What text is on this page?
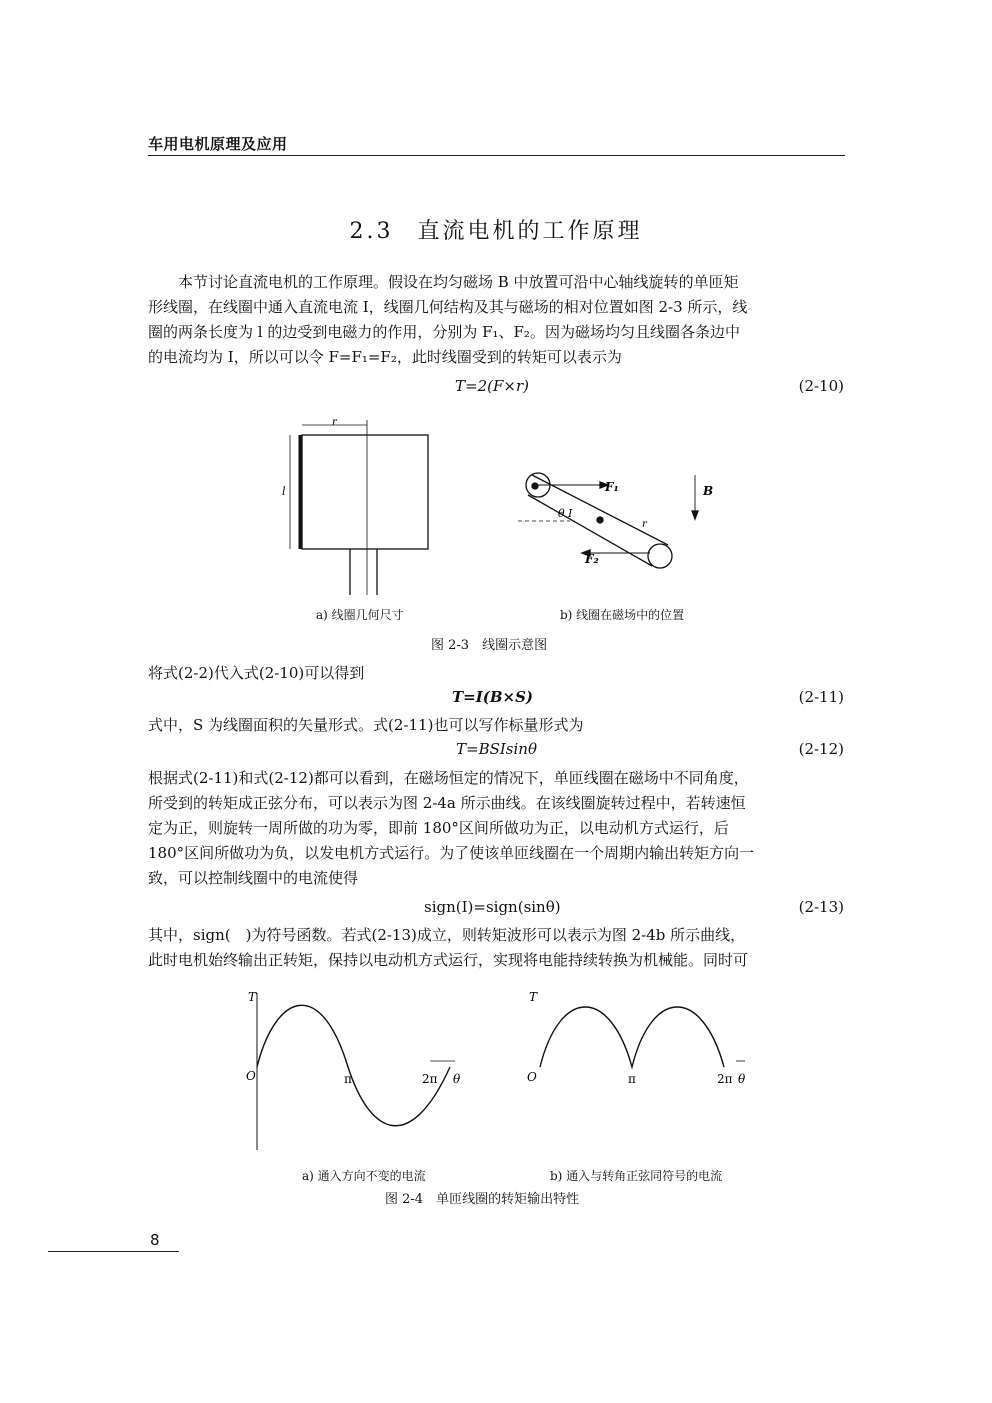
车用电机原理及应用
2.3 直流电机的工作原理
本节讨论直流电机的工作原理。假设在均匀磁场 B 中放置可沿中心轴线旋转的单匝矩
形线圈，在线圈中通入直流电流 I，线圈几何结构及其与磁场的相对位置如图 2-3 所示，线
圈的两条长度为 l 的边受到电磁力的作用，分别为 F₁、F₂。因为磁场均匀且线圈各条边中
的电流均为 I，所以可以令 F=F₁=F₂，此时线圈受到的转矩可以表示为
T=2(F×r)	(2-10)
r
l	F₁
F₂
B
θ I
r
a) 线圈几何尺寸	b) 线圈在磁场中的位置
图 2-3　线圈示意图
将式(2-2)代入式(2-10)可以得到
T=I(B×S)	(2-11)
式中，S 为线圈面积的矢量形式。式(2-11)也可以写作标量形式为
T=BSIsinθ	(2-12)
根据式(2-11)和式(2-12)都可以看到，在磁场恒定的情况下，单匝线圈在磁场中不同角度，
所受到的转矩成正弦分布，可以表示为图 2-4a 所示曲线。在该线圈旋转过程中，若转速恒
定为正，则旋转一周所做的功为零，即前 180°区间所做功为正，以电动机方式运行，后
180°区间所做功为负，以发电机方式运行。为了使该单匝线圈在一个周期内输出转矩方向一
致，可以控制线圈中的电流使得
sign(I)=sign(sinθ)	(2-13)
其中，sign(　)为符号函数。若式(2-13)成立，则转矩波形可以表示为图 2-4b 所示曲线，
此时电机始终输出正转矩，保持以电动机方式运行，实现将电能持续转换为机械能。同时可
T
O	π	2π θ
T
O	π	2π θ
a) 通入方向不变的电流	b) 通入与转角正弦同符号的电流
图 2-4　单匝线圈的转矩输出特性
8
